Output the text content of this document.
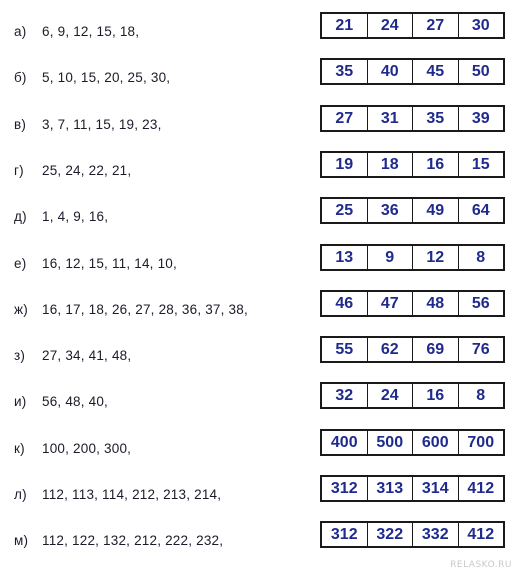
а) 6, 9, 12, 15, 18,	21	24	27	30
б) 5, 10, 15, 20, 25, 30,	35	40	45	50
в) 3, 7, 11, 15, 19, 23,	27	31	35	39
г) 25, 24, 22, 21,	19	18	16	15
д) 1, 4, 9, 16,	25	36	49	64
е) 16, 12, 15, 11, 14, 10,	13	9	12	8
ж) 16, 17, 18, 26, 27, 28, 36, 37, 38,	46	47	48	56
з) 27, 34, 41, 48,	55	62	69	76
и) 56, 48, 40,	32	24	16	8
к) 100, 200, 300,	400	500	600	700
л) 112, 113, 114, 212, 213, 214,	312	313	314	412
м) 112, 122, 132, 212, 222, 232,	312	322	332	412
RELASKO.RU
